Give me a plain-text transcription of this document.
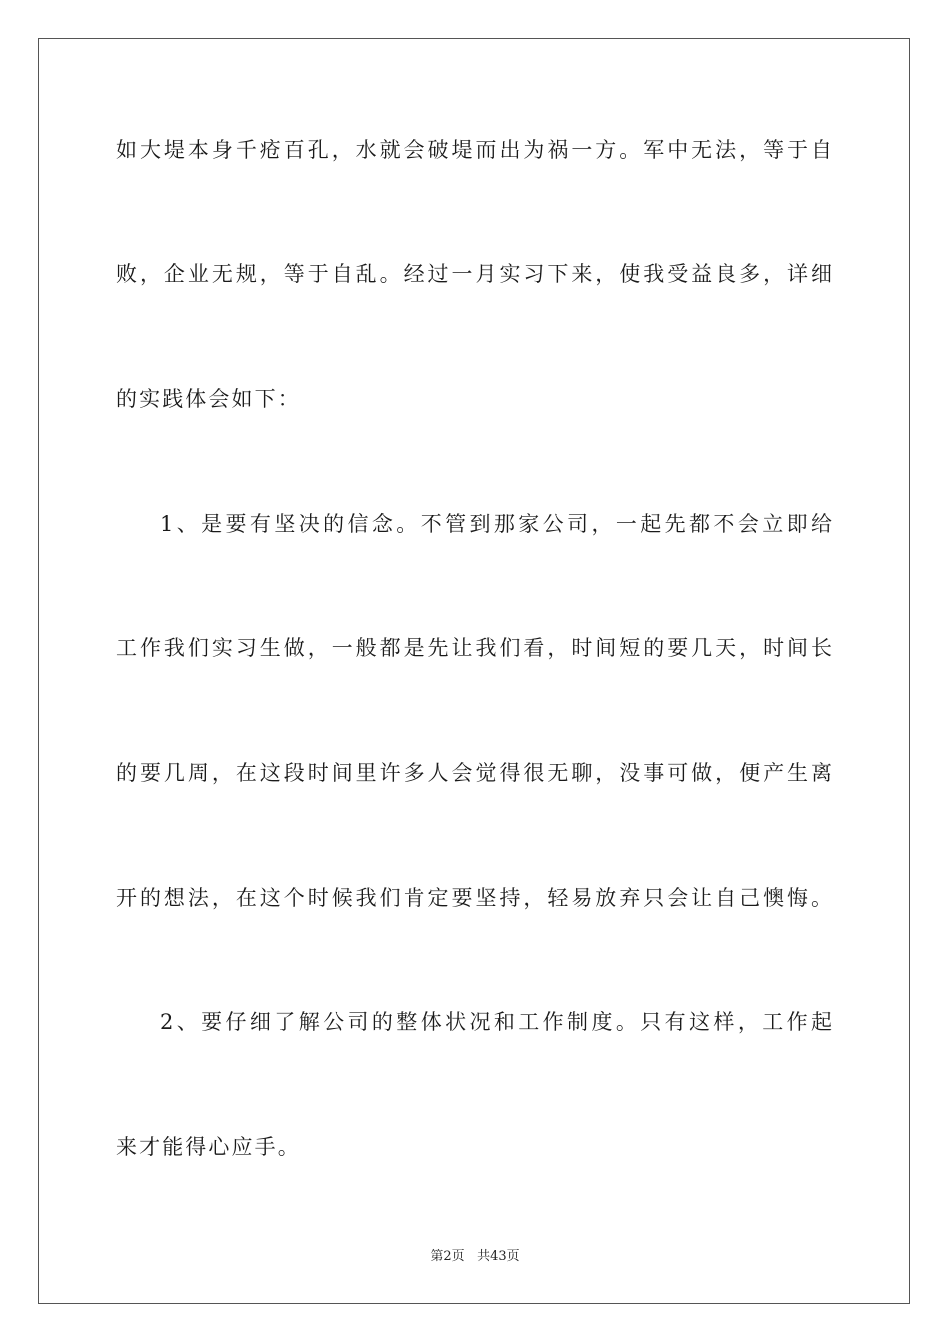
如大堤本身千疮百孔，水就会破堤而出为祸一方。军中无法，等于自
败，企业无规，等于自乱。经过一月实习下来，使我受益良多，详细
的实践体会如下：
1、是要有坚决的信念。不管到那家公司，一起先都不会立即给
工作我们实习生做，一般都是先让我们看，时间短的要几天，时间长
的要几周，在这段时间里许多人会觉得很无聊，没事可做，便产生离
开的想法，在这个时候我们肯定要坚持，轻易放弃只会让自己懊悔。
2、要仔细了解公司的整体状况和工作制度。只有这样，工作起
来才能得心应手。
第2页 共43页
